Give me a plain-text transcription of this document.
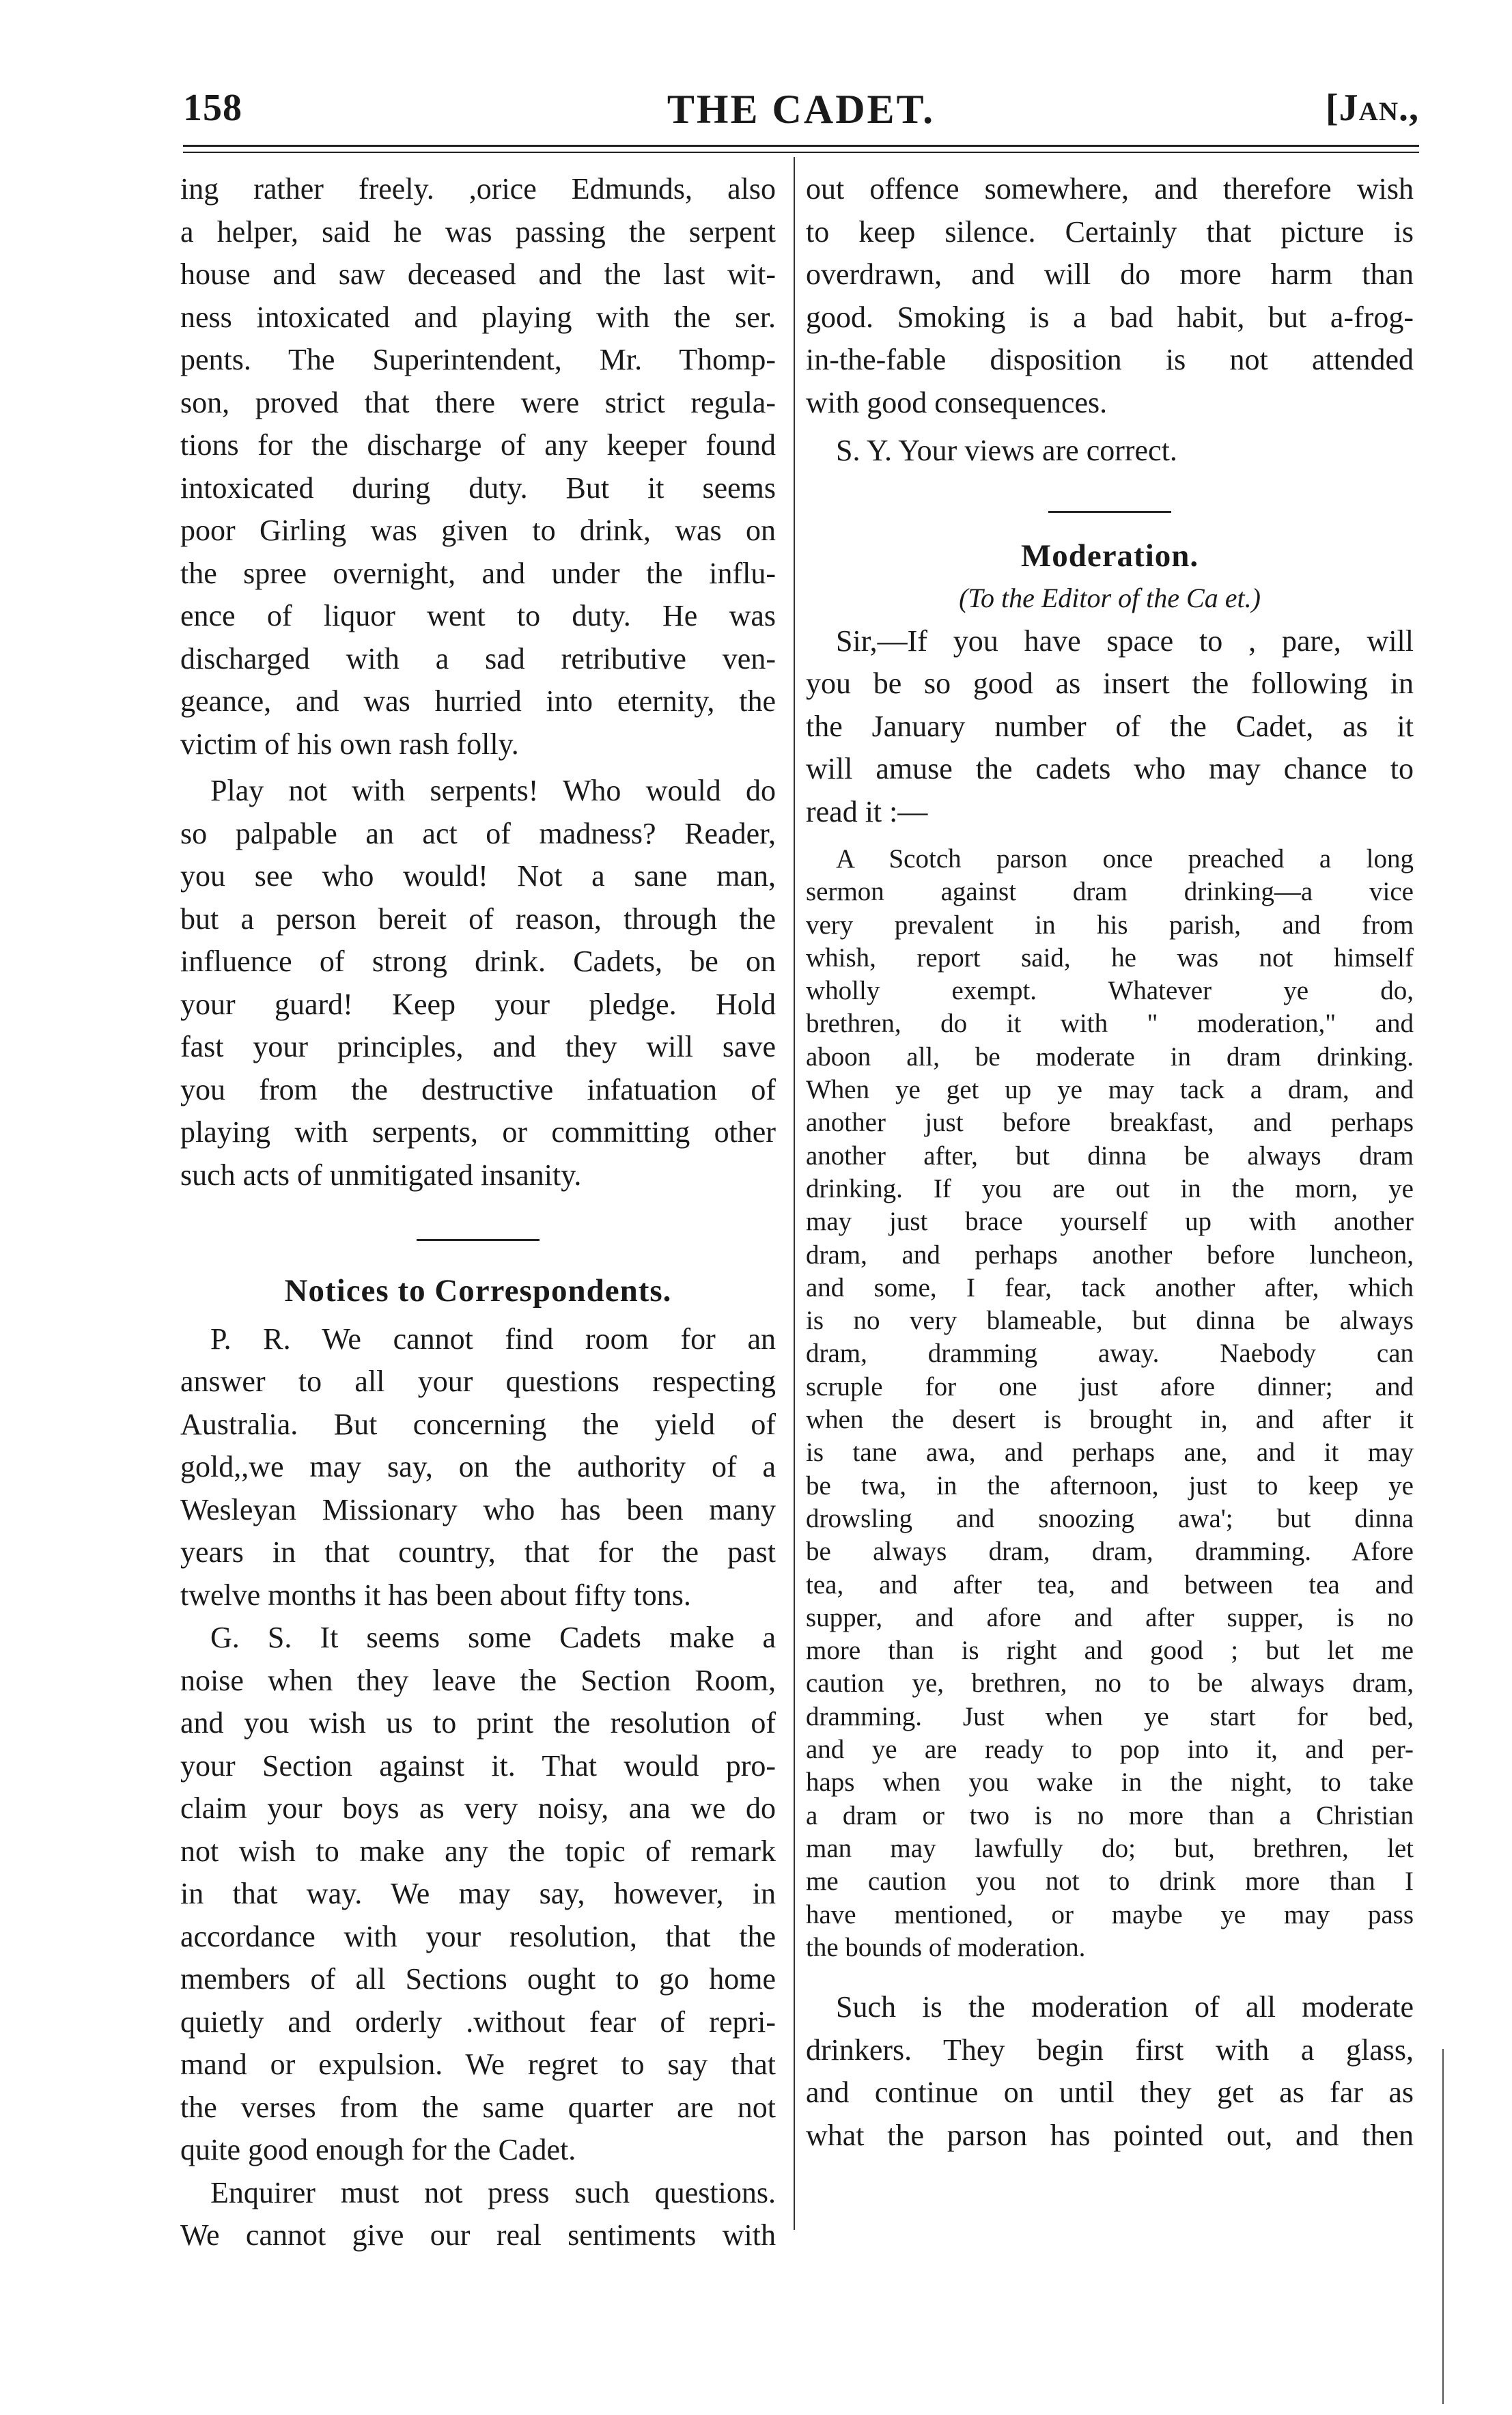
158	THE CADET.	[Jan.,
ing rather freely. ,orice Edmunds, also
a helper, said he was passing the serpent
house and saw deceased and the last wit-
ness intoxicated and playing with the ser.
pents. The Superintendent, Mr. Thomp-
son, proved that there were strict regula-
tions for the discharge of any keeper found
intoxicated during duty. But it seems
poor Girling was given to drink, was on
the spree overnight, and under the influ-
ence of liquor went to duty. He was
discharged with a sad retributive ven-
geance, and was hurried into eternity, the
victim of his own rash folly.
Play not with serpents! Who would do
so palpable an act of madness? Reader,
you see who would! Not a sane man,
but a person bereit of reason, through the
influence of strong drink. Cadets, be on
your guard! Keep your pledge. Hold
fast your principles, and they will save
you from the destructive infatuation of
playing with serpents, or committing other
such acts of unmitigated insanity.
Notices to Correspondents.
P. R. We cannot find room for an
answer to all your questions respecting
Australia. But concerning the yield of
gold,,we may say, on the authority of a
Wesleyan Missionary who has been many
years in that country, that for the past
twelve months it has been about fifty tons.
G. S. It seems some Cadets make a
noise when they leave the Section Room,
and you wish us to print the resolution of
your Section against it. That would pro-
claim your boys as very noisy, ana we do
not wish to make any the topic of remark
in that way. We may say, however, in
accordance with your resolution, that the
members of all Sections ought to go home
quietly and orderly .without fear of repri-
mand or expulsion. We regret to say that
the verses from the same quarter are not
quite good enough for the Cadet.
Enquirer must not press such questions.
We cannot give our real sentiments with
out offence somewhere, and therefore wish
to keep silence. Certainly that picture is
overdrawn, and will do more harm than
good. Smoking is a bad habit, but a-frog-
in-the-fable disposition is not attended
with good consequences.
S. Y. Your views are correct.
Moderation.
(To the Editor of the Ca et.)
Sir,—If you have space to , pare, will
you be so good as insert the following in
the January number of the Cadet, as it
will amuse the cadets who may chance to
read it :—
A Scotch parson once preached a long
sermon against dram drinking—a vice
very prevalent in his parish, and from
whish, report said, he was not himself
wholly exempt. Whatever ye do,
brethren, do it with " moderation," and
aboon all, be moderate in dram drinking.
When ye get up ye may tack a dram, and
another just before breakfast, and perhaps
another after, but dinna be always dram
drinking. If you are out in the morn, ye
may just brace yourself up with another
dram, and perhaps another before luncheon,
and some, I fear, tack another after, which
is no very blameable, but dinna be always
dram, dramming away. Naebody can
scruple for one just afore dinner; and
when the desert is brought in, and after it
is tane awa, and perhaps ane, and it may
be twa, in the afternoon, just to keep ye
drowsling and snoozing awa'; but dinna
be always dram, dram, dramming. Afore
tea, and after tea, and between tea and
supper, and afore and after supper, is no
more than is right and good ; but let me
caution ye, brethren, no to be always dram,
dramming. Just when ye start for bed,
and ye are ready to pop into it, and per-
haps when you wake in the night, to take
a dram or two is no more than a Christian
man may lawfully do; but, brethren, let
me caution you not to drink more than I
have mentioned, or maybe ye may pass
the bounds of moderation.
Such is the moderation of all moderate
drinkers. They begin first with a glass,
and continue on until they get as far as
what the parson has pointed out, and then
